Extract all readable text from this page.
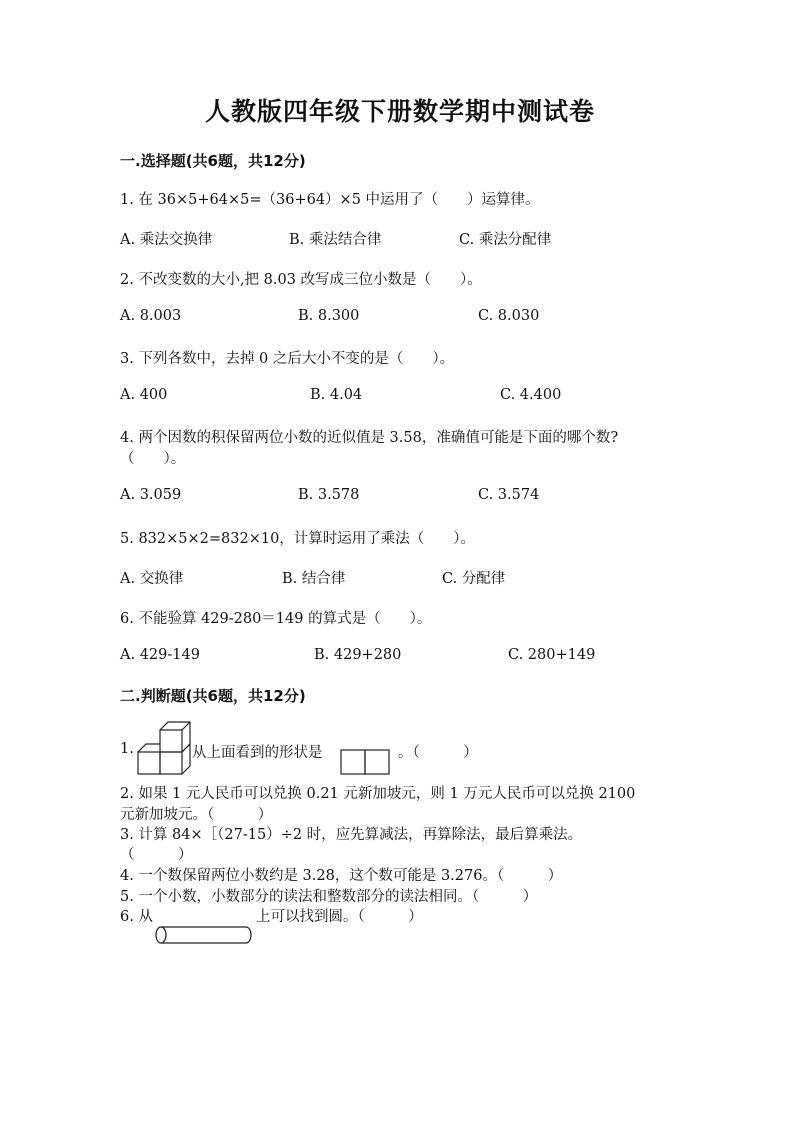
人教版四年级下册数学期中测试卷
一.选择题(共6题，共12分)
1. 在 36×5+64×5=（36+64）×5 中运用了（　　）运算律。
A. 乘法交换律	B. 乘法结合律	C. 乘法分配律
2. 不改变数的大小,把 8.03 改写成三位小数是（　　）。
A. 8.003	B. 8.300	C. 8.030
3. 下列各数中，去掉 0 之后大小不变的是（　　）。
A. 400	B. 4.04	C. 4.400
4. 两个因数的积保留两位小数的近似值是 3.58，准确值可能是下面的哪个数?
（　　）。
A. 3.059	B. 3.578	C. 3.574
5. 832×5×2=832×10，计算时运用了乘法（　　）。
A. 交换律	B. 结合律	C. 分配律
6. 不能验算 429-280＝149 的算式是（　　）。
A. 429-149	B. 429+280	C. 280+149
二.判断题(共6题，共12分)
1.	从上面看到的形状是	。（　　　）
2. 如果 1 元人民币可以兑换 0.21 元新加坡元，则 1 万元人民币可以兑换 2100
元新加坡元。（　　　）
3. 计算 84×［（27-15）÷2 时，应先算减法，再算除法，最后算乘法。
（　　　）
4. 一个数保留两位小数约是 3.28，这个数可能是 3.276。（　　　）
5. 一个小数，小数部分的读法和整数部分的读法相同。（　　　）
6. 从	上可以找到圆。（　　　）
